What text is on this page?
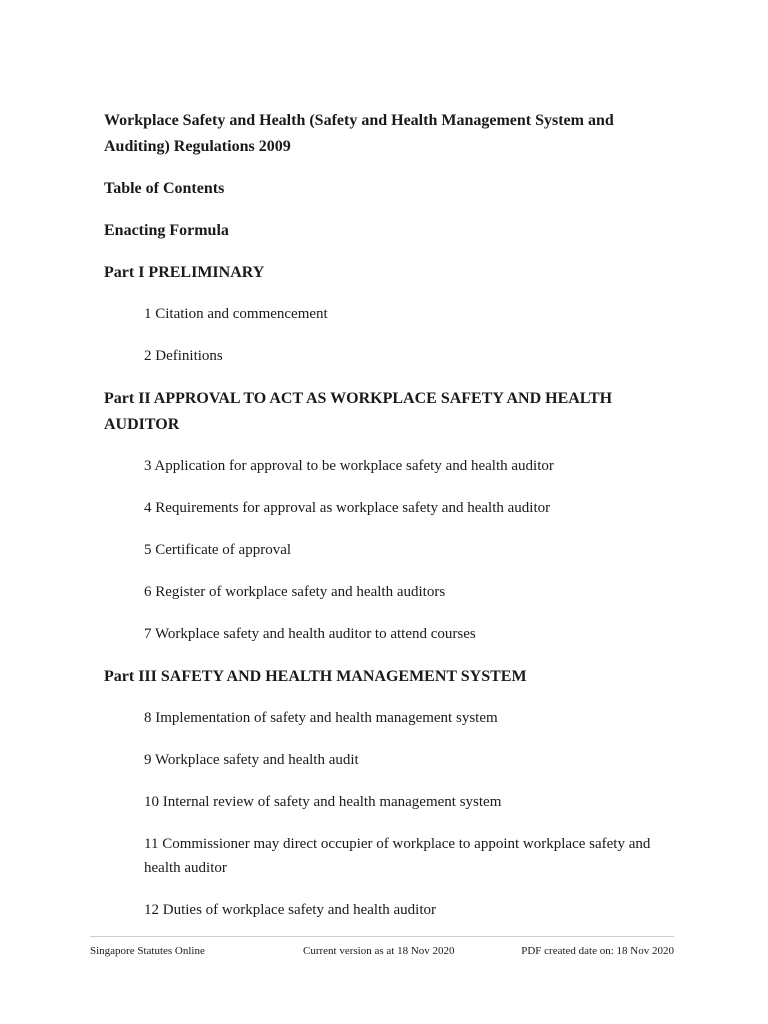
Workplace Safety and Health (Safety and Health Management System and Auditing) Regulations 2009
Table of Contents
Enacting Formula
Part I PRELIMINARY
1 Citation and commencement
2 Definitions
Part II APPROVAL TO ACT AS WORKPLACE SAFETY AND HEALTH AUDITOR
3 Application for approval to be workplace safety and health auditor
4 Requirements for approval as workplace safety and health auditor
5 Certificate of approval
6 Register of workplace safety and health auditors
7 Workplace safety and health auditor to attend courses
Part III SAFETY AND HEALTH MANAGEMENT SYSTEM
8 Implementation of safety and health management system
9 Workplace safety and health audit
10 Internal review of safety and health management system
11 Commissioner may direct occupier of workplace to appoint workplace safety and health auditor
12 Duties of workplace safety and health auditor
Singapore Statutes Online	Current version as at 18 Nov 2020	PDF created date on: 18 Nov 2020
